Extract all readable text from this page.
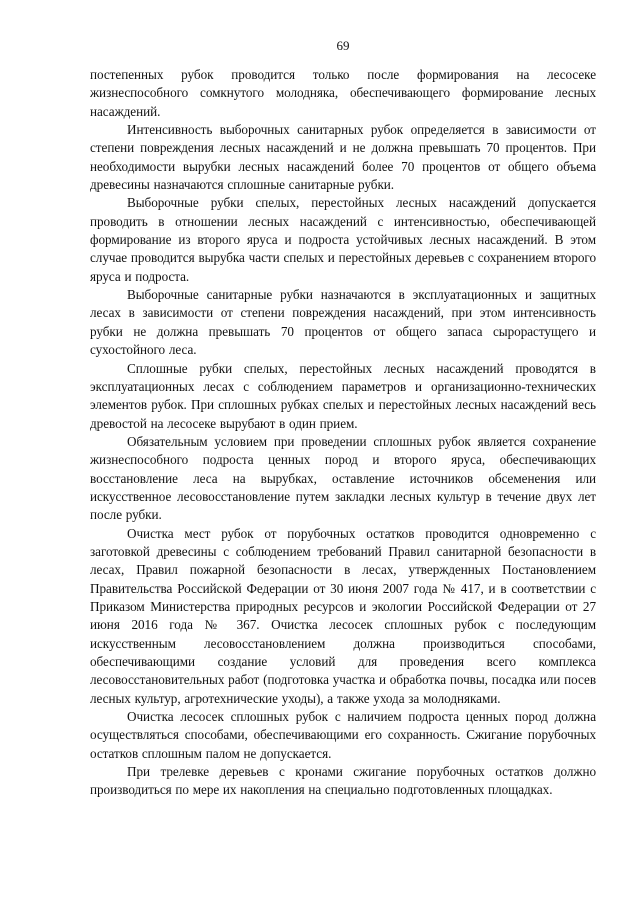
69

постепенных рубок проводится только после формирования на лесосеке жизнеспособного сомкнутого молодняка, обеспечивающего формирование лесных насаждений.

Интенсивность выборочных санитарных рубок определяется в зависимости от степени повреждения лесных насаждений и не должна превышать 70 процентов. При необходимости вырубки лесных насаждений более 70 процентов от общего объема древесины назначаются сплошные санитарные рубки.

Выборочные рубки спелых, перестойных лесных насаждений допускается проводить в отношении лесных насаждений с интенсивностью, обеспечивающей формирование из второго яруса и подроста устойчивых лесных насаждений. В этом случае проводится вырубка части спелых и перестойных деревьев с сохранением второго яруса и подроста.

Выборочные санитарные рубки назначаются в эксплуатационных и защитных лесах в зависимости от степени повреждения насаждений, при этом интенсивность рубки не должна превышать 70 процентов от общего запаса сырорастущего и сухостойного леса.

Сплошные рубки спелых, перестойных лесных насаждений проводятся в эксплуатационных лесах с соблюдением параметров и организационно-технических элементов рубок. При сплошных рубках спелых и перестойных лесных насаждений весь древостой на лесосеке вырубают в один прием.

Обязательным условием при проведении сплошных рубок является сохранение жизнеспособного подроста ценных пород и второго яруса, обеспечивающих восстановление леса на вырубках, оставление источников обсеменения или искусственное лесовосстановление путем закладки лесных культур в течение двух лет после рубки.

Очистка мест рубок от порубочных остатков проводится одновременно с заготовкой древесины с соблюдением требований Правил санитарной безопасности в лесах, Правил пожарной безопасности в лесах, утвержденных Постановлением Правительства Российской Федерации от 30 июня 2007 года № 417, и в соответствии с Приказом Министерства природных ресурсов и экологии Российской Федерации от 27 июня 2016 года № 367. Очистка лесосек сплошных рубок с последующим искусственным лесовосстановлением должна производиться способами, обеспечивающими создание условий для проведения всего комплекса лесовосстановительных работ (подготовка участка и обработка почвы, посадка или посев лесных культур, агротехнические уходы), а также ухода за молодняками.

Очистка лесосек сплошных рубок с наличием подроста ценных пород должна осуществляться способами, обеспечивающими его сохранность. Сжигание порубочных остатков сплошным палом не допускается.

При трелевке деревьев с кронами сжигание порубочных остатков должно производиться по мере их накопления на специально подготовленных площадках.
